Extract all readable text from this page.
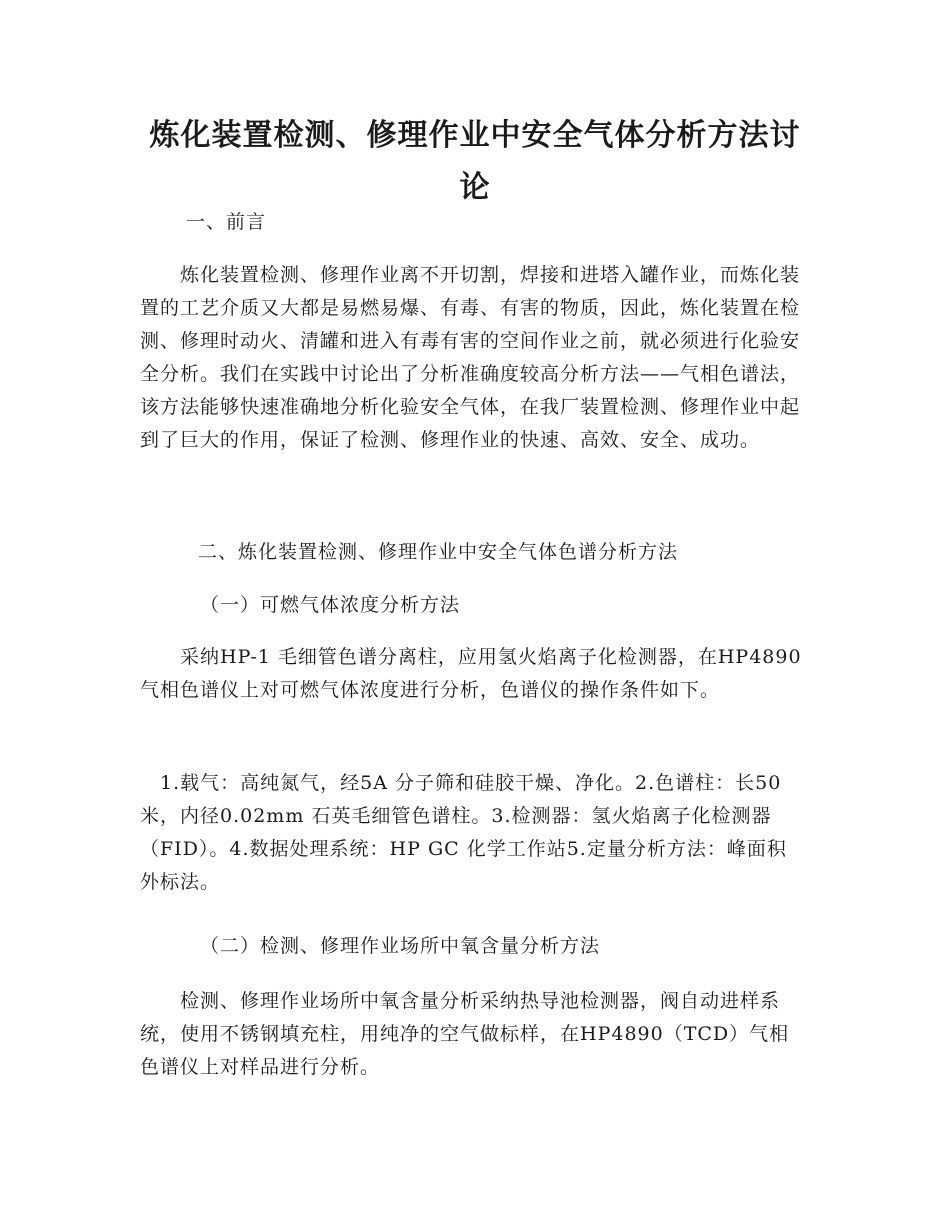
炼化装置检测、修理作业中安全气体分析方法讨论

一、前言

　　炼化装置检测、修理作业离不开切割，焊接和进塔入罐作业，而炼化装置的工艺介质又大都是易燃易爆、有毒、有害的物质，因此，炼化装置在检测、修理时动火、清罐和进入有毒有害的空间作业之前，就必须进行化验安全分析。我们在实践中讨论出了分析准确度较高分析方法——气相色谱法，该方法能够快速准确地分析化验安全气体，在我厂装置检测、修理作业中起到了巨大的作用，保证了检测、修理作业的快速、高效、安全、成功。

二、炼化装置检测、修理作业中安全气体色谱分析方法

（一）可燃气体浓度分析方法

　　采纳HP-1 毛细管色谱分离柱，应用氢火焰离子化检测器，在HP4890 气相色谱仪上对可燃气体浓度进行分析，色谱仪的操作条件如下。

　1.载气：高纯氮气，经5A 分子筛和硅胶干燥、净化。2.色谱柱：长50 米，内径0.02mm 石英毛细管色谱柱。3.检测器：氢火焰离子化检测器（FID）。4.数据处理系统：HP GC 化学工作站5.定量分析方法：峰面积外标法。

（二）检测、修理作业场所中氧含量分析方法

　　检测、修理作业场所中氧含量分析采纳热导池检测器，阀自动进样系统，使用不锈钢填充柱，用纯净的空气做标样，在HP4890（TCD）气相色谱仪上对样品进行分析。
